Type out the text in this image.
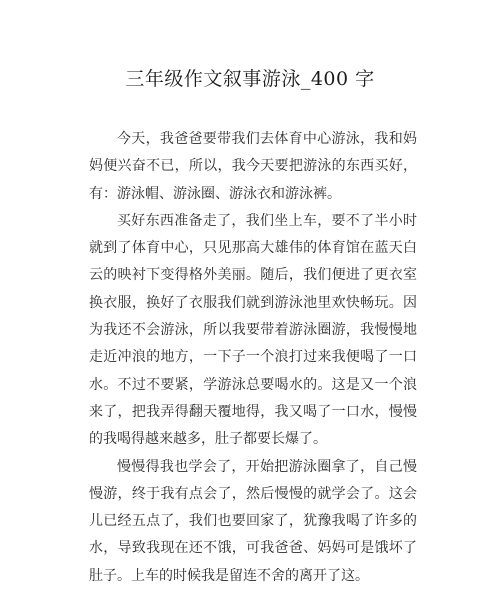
三年级作文叙事游泳_400 字

今天，我爸爸要带我们去体育中心游泳，我和妈妈便兴奋不已，所以，我今天要把游泳的东西买好，有：游泳帽、游泳圈、游泳衣和游泳裤。

买好东西准备走了，我们坐上车，要不了半小时就到了体育中心，只见那高大雄伟的体育馆在蓝天白云的映衬下变得格外美丽。随后，我们便进了更衣室换衣服，换好了衣服我们就到游泳池里欢快畅玩。因为我还不会游泳，所以我要带着游泳圈游，我慢慢地走近冲浪的地方，一下子一个浪打过来我便喝了一口水。不过不要紧，学游泳总要喝水的。这是又一个浪来了，把我弄得翻天覆地得，我又喝了一口水，慢慢的我喝得越来越多，肚子都要长爆了。

慢慢得我也学会了，开始把游泳圈拿了，自己慢慢游，终于我有点会了，然后慢慢的就学会了。这会儿已经五点了，我们也要回家了，犹豫我喝了许多的水，导致我现在还不饿，可我爸爸、妈妈可是饿坏了肚子。上车的时候我是留连不舍的离开了这。
